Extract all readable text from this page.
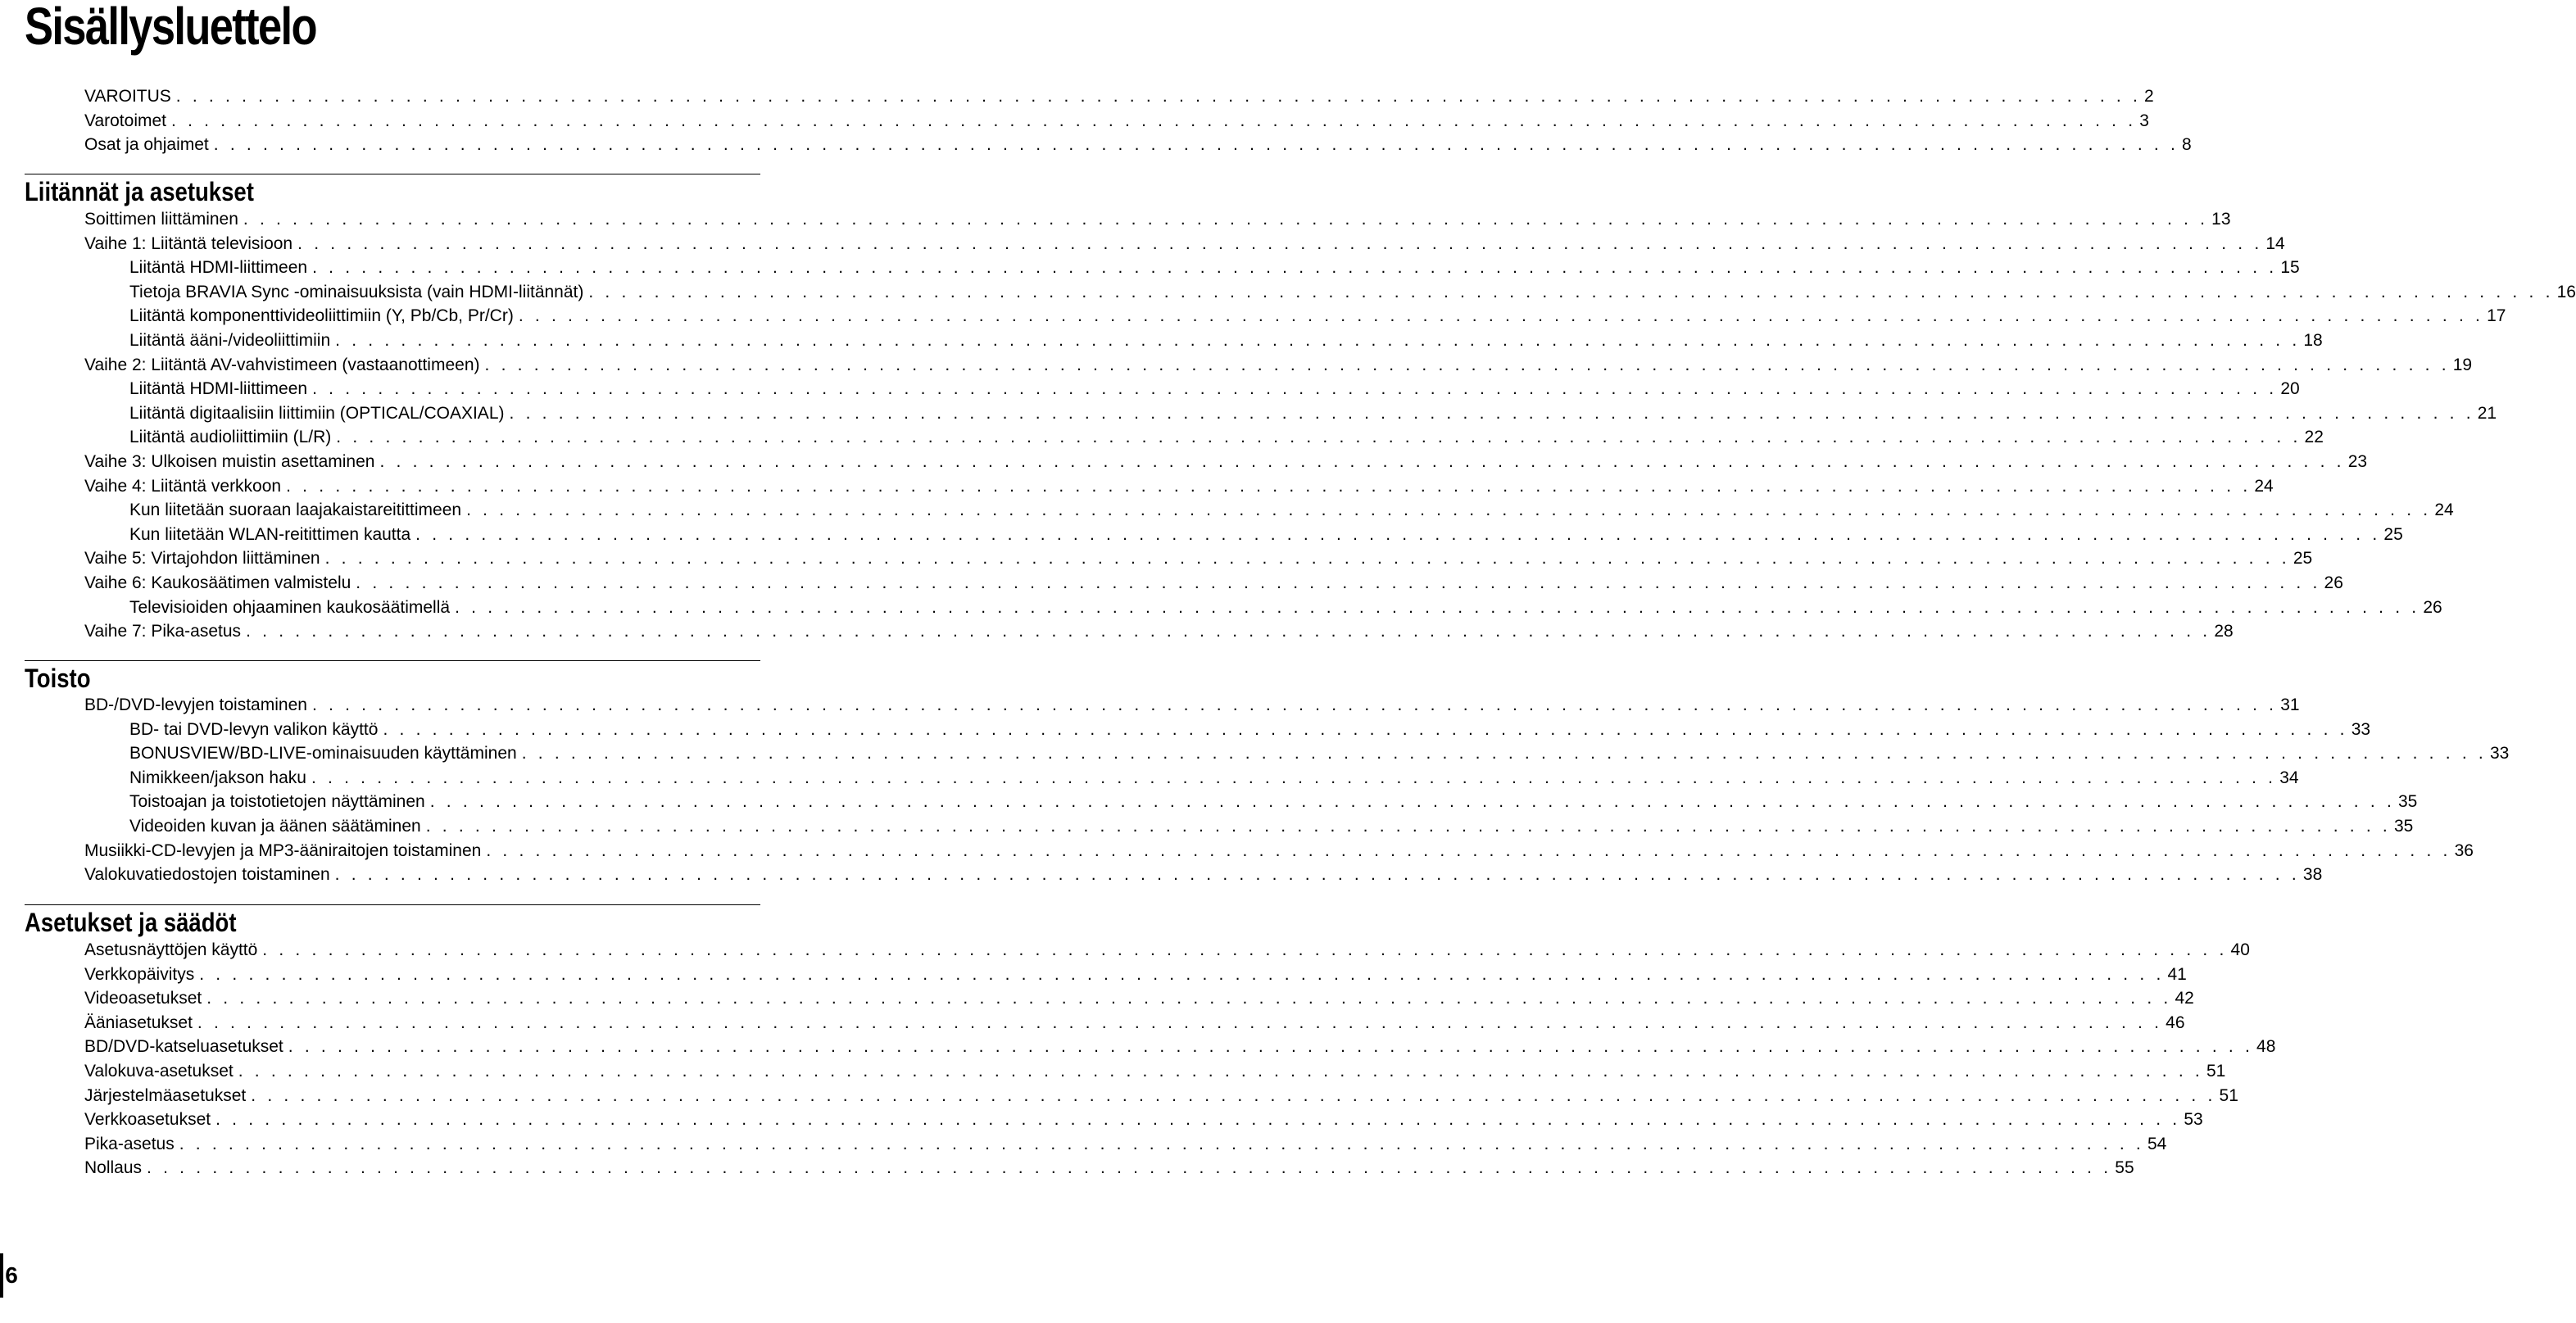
Sisällysluettelo
VAROITUS . . . . . . . . . . . . . . . . . . . . . . . . . . . . . . . . . . . . . . . . . . . . . . . . . . . . . . . . . . . . . . . . . . . . . . . . . . . . . . . . . . . . . . . . . . . . . . . . . . . . . . . . . . . . . . . . . . . . . . . . 2
Varotoimet . . . . . . . . . . . . . . . . . . . . . . . . . . . . . . . . . . . . . . . . . . . . . . . . . . . . . . . . . . . . . . . . . . . . . . . . . . . . . . . . . . . . . . . . . . . . . . . . . . . . . . . . . . . . . . . . . . . . . . . . 3
Osat ja ohjaimet . . . . . . . . . . . . . . . . . . . . . . . . . . . . . . . . . . . . . . . . . . . . . . . . . . . . . . . . . . . . . . . . . . . . . . . . . . . . . . . . . . . . . . . . . . . . . . . . . . . . . . . . . . . . . . . . . . . . . . . . 8
Liitännät ja asetukset
Soittimen liittäminen . . . . . . . . . . . . . . . . . . . . . . . . . . . . . . . . . . . . . . . . . . . . . . . . . . . . . . . . . . . . . . . . . . . . . . . . . . . . . . . . . . . . . . . . . . . . . . . . . . . . . . . . . . . . . . . . . . . . . . . . 13
Vaihe 1: Liitäntä televisioon . . . . . . . . . . . . . . . . . . . . . . . . . . . . . . . . . . . . . . . . . . . . . . . . . . . . . . . . . . . . . . . . . . . . . . . . . . . . . . . . . . . . . . . . . . . . . . . . . . . . . . . . . . . . . . . . . . . . . . . . 14
Liitäntä HDMI-liittimeen . . . . . . . . . . . . . . . . . . . . . . . . . . . . . . . . . . . . . . . . . . . . . . . . . . . . . . . . . . . . . . . . . . . . . . . . . . . . . . . . . . . . . . . . . . . . . . . . . . . . . . . . . . . . . . . . . . . . . . . . 15
Tietoja BRAVIA Sync -ominaisuuksista (vain HDMI-liitännät) . . . . . . . . . . . . . . . . . . . . . . . . . . . . . . . . . . . . . . . . . . . . . . . . . . . . . . . . . . . . . . . . . . . . . . . . . . . . . . . . . . . . . . . . . . . . . . . . . . . . . . . . . . . . . . . . . . . . . . . . 16
Liitäntä komponenttivideoliittimiin (Y, Pb/Cb, Pr/Cr) . . . . . . . . . . . . . . . . . . . . . . . . . . . . . . . . . . . . . . . . . . . . . . . . . . . . . . . . . . . . . . . . . . . . . . . . . . . . . . . . . . . . . . . . . . . . . . . . . . . . . . . . . . . . . . . . . . . . . . . . 17
Liitäntä ääni-/videoliittimiin . . . . . . . . . . . . . . . . . . . . . . . . . . . . . . . . . . . . . . . . . . . . . . . . . . . . . . . . . . . . . . . . . . . . . . . . . . . . . . . . . . . . . . . . . . . . . . . . . . . . . . . . . . . . . . . . . . . . . . . . 18
Vaihe 2: Liitäntä AV-vahvistimeen (vastaanottimeen) . . . . . . . . . . . . . . . . . . . . . . . . . . . . . . . . . . . . . . . . . . . . . . . . . . . . . . . . . . . . . . . . . . . . . . . . . . . . . . . . . . . . . . . . . . . . . . . . . . . . . . . . . . . . . . . . . . . . . . . . 19
Liitäntä HDMI-liittimeen . . . . . . . . . . . . . . . . . . . . . . . . . . . . . . . . . . . . . . . . . . . . . . . . . . . . . . . . . . . . . . . . . . . . . . . . . . . . . . . . . . . . . . . . . . . . . . . . . . . . . . . . . . . . . . . . . . . . . . . . 20
Liitäntä digitaalisiin liittimiin (OPTICAL/COAXIAL) . . . . . . . . . . . . . . . . . . . . . . . . . . . . . . . . . . . . . . . . . . . . . . . . . . . . . . . . . . . . . . . . . . . . . . . . . . . . . . . . . . . . . . . . . . . . . . . . . . . . . . . . . . . . . . . . . . . . . . . . 21
Liitäntä audioliittimiin (L/R) . . . . . . . . . . . . . . . . . . . . . . . . . . . . . . . . . . . . . . . . . . . . . . . . . . . . . . . . . . . . . . . . . . . . . . . . . . . . . . . . . . . . . . . . . . . . . . . . . . . . . . . . . . . . . . . . . . . . . . . . 22
Vaihe 3: Ulkoisen muistin asettaminen . . . . . . . . . . . . . . . . . . . . . . . . . . . . . . . . . . . . . . . . . . . . . . . . . . . . . . . . . . . . . . . . . . . . . . . . . . . . . . . . . . . . . . . . . . . . . . . . . . . . . . . . . . . . . . . . . . . . . . . . 23
Vaihe 4: Liitäntä verkkoon . . . . . . . . . . . . . . . . . . . . . . . . . . . . . . . . . . . . . . . . . . . . . . . . . . . . . . . . . . . . . . . . . . . . . . . . . . . . . . . . . . . . . . . . . . . . . . . . . . . . . . . . . . . . . . . . . . . . . . . . 24
Kun liitetään suoraan laajakaistareitittimeen . . . . . . . . . . . . . . . . . . . . . . . . . . . . . . . . . . . . . . . . . . . . . . . . . . . . . . . . . . . . . . . . . . . . . . . . . . . . . . . . . . . . . . . . . . . . . . . . . . . . . . . . . . . . . . . . . . . . . . . . 24
Kun liitetään WLAN-reitittimen kautta . . . . . . . . . . . . . . . . . . . . . . . . . . . . . . . . . . . . . . . . . . . . . . . . . . . . . . . . . . . . . . . . . . . . . . . . . . . . . . . . . . . . . . . . . . . . . . . . . . . . . . . . . . . . . . . . . . . . . . . . 25
Vaihe 5: Virtajohdon liittäminen . . . . . . . . . . . . . . . . . . . . . . . . . . . . . . . . . . . . . . . . . . . . . . . . . . . . . . . . . . . . . . . . . . . . . . . . . . . . . . . . . . . . . . . . . . . . . . . . . . . . . . . . . . . . . . . . . . . . . . . . 25
Vaihe 6: Kaukosäätimen valmistelu . . . . . . . . . . . . . . . . . . . . . . . . . . . . . . . . . . . . . . . . . . . . . . . . . . . . . . . . . . . . . . . . . . . . . . . . . . . . . . . . . . . . . . . . . . . . . . . . . . . . . . . . . . . . . . . . . . . . . . . . 26
Televisioiden ohjaaminen kaukosäätimellä . . . . . . . . . . . . . . . . . . . . . . . . . . . . . . . . . . . . . . . . . . . . . . . . . . . . . . . . . . . . . . . . . . . . . . . . . . . . . . . . . . . . . . . . . . . . . . . . . . . . . . . . . . . . . . . . . . . . . . . . 26
Vaihe 7: Pika-asetus . . . . . . . . . . . . . . . . . . . . . . . . . . . . . . . . . . . . . . . . . . . . . . . . . . . . . . . . . . . . . . . . . . . . . . . . . . . . . . . . . . . . . . . . . . . . . . . . . . . . . . . . . . . . . . . . . . . . . . . . 28
Toisto
BD-/DVD-levyjen toistaminen . . . . . . . . . . . . . . . . . . . . . . . . . . . . . . . . . . . . . . . . . . . . . . . . . . . . . . . . . . . . . . . . . . . . . . . . . . . . . . . . . . . . . . . . . . . . . . . . . . . . . . . . . . . . . . . . . . . . . . . . 31
BD- tai DVD-levyn valikon käyttö . . . . . . . . . . . . . . . . . . . . . . . . . . . . . . . . . . . . . . . . . . . . . . . . . . . . . . . . . . . . . . . . . . . . . . . . . . . . . . . . . . . . . . . . . . . . . . . . . . . . . . . . . . . . . . . . . . . . . . . . 33
BONUSVIEW/BD-LIVE-ominaisuuden käyttäminen . . . . . . . . . . . . . . . . . . . . . . . . . . . . . . . . . . . . . . . . . . . . . . . . . . . . . . . . . . . . . . . . . . . . . . . . . . . . . . . . . . . . . . . . . . . . . . . . . . . . . . . . . . . . . . . . . . . . . . . . 33
Nimikkeen/jakson haku . . . . . . . . . . . . . . . . . . . . . . . . . . . . . . . . . . . . . . . . . . . . . . . . . . . . . . . . . . . . . . . . . . . . . . . . . . . . . . . . . . . . . . . . . . . . . . . . . . . . . . . . . . . . . . . . . . . . . . . . 34
Toistoajan ja toistotietojen näyttäminen . . . . . . . . . . . . . . . . . . . . . . . . . . . . . . . . . . . . . . . . . . . . . . . . . . . . . . . . . . . . . . . . . . . . . . . . . . . . . . . . . . . . . . . . . . . . . . . . . . . . . . . . . . . . . . . . . . . . . . . . 35
Videoiden kuvan ja äänen säätäminen . . . . . . . . . . . . . . . . . . . . . . . . . . . . . . . . . . . . . . . . . . . . . . . . . . . . . . . . . . . . . . . . . . . . . . . . . . . . . . . . . . . . . . . . . . . . . . . . . . . . . . . . . . . . . . . . . . . . . . . . 35
Musiikki-CD-levyjen ja MP3-ääniraitojen toistaminen . . . . . . . . . . . . . . . . . . . . . . . . . . . . . . . . . . . . . . . . . . . . . . . . . . . . . . . . . . . . . . . . . . . . . . . . . . . . . . . . . . . . . . . . . . . . . . . . . . . . . . . . . . . . . . . . . . . . . . . . 36
Valokuvatiedostojen toistaminen . . . . . . . . . . . . . . . . . . . . . . . . . . . . . . . . . . . . . . . . . . . . . . . . . . . . . . . . . . . . . . . . . . . . . . . . . . . . . . . . . . . . . . . . . . . . . . . . . . . . . . . . . . . . . . . . . . . . . . . . 38
Asetukset ja säädöt
Asetusnäyttöjen käyttö . . . . . . . . . . . . . . . . . . . . . . . . . . . . . . . . . . . . . . . . . . . . . . . . . . . . . . . . . . . . . . . . . . . . . . . . . . . . . . . . . . . . . . . . . . . . . . . . . . . . . . . . . . . . . . . . . . . . . . . . 40
Verkkopäivitys . . . . . . . . . . . . . . . . . . . . . . . . . . . . . . . . . . . . . . . . . . . . . . . . . . . . . . . . . . . . . . . . . . . . . . . . . . . . . . . . . . . . . . . . . . . . . . . . . . . . . . . . . . . . . . . . . . . . . . . . 41
Videoasetukset . . . . . . . . . . . . . . . . . . . . . . . . . . . . . . . . . . . . . . . . . . . . . . . . . . . . . . . . . . . . . . . . . . . . . . . . . . . . . . . . . . . . . . . . . . . . . . . . . . . . . . . . . . . . . . . . . . . . . . . . 42
Ääniasetukset . . . . . . . . . . . . . . . . . . . . . . . . . . . . . . . . . . . . . . . . . . . . . . . . . . . . . . . . . . . . . . . . . . . . . . . . . . . . . . . . . . . . . . . . . . . . . . . . . . . . . . . . . . . . . . . . . . . . . . . . 46
BD/DVD-katseluasetukset . . . . . . . . . . . . . . . . . . . . . . . . . . . . . . . . . . . . . . . . . . . . . . . . . . . . . . . . . . . . . . . . . . . . . . . . . . . . . . . . . . . . . . . . . . . . . . . . . . . . . . . . . . . . . . . . . . . . . . . . 48
Valokuva-asetukset . . . . . . . . . . . . . . . . . . . . . . . . . . . . . . . . . . . . . . . . . . . . . . . . . . . . . . . . . . . . . . . . . . . . . . . . . . . . . . . . . . . . . . . . . . . . . . . . . . . . . . . . . . . . . . . . . . . . . . . . 51
Järjestelmäasetukset . . . . . . . . . . . . . . . . . . . . . . . . . . . . . . . . . . . . . . . . . . . . . . . . . . . . . . . . . . . . . . . . . . . . . . . . . . . . . . . . . . . . . . . . . . . . . . . . . . . . . . . . . . . . . . . . . . . . . . . . 51
Verkkoasetukset . . . . . . . . . . . . . . . . . . . . . . . . . . . . . . . . . . . . . . . . . . . . . . . . . . . . . . . . . . . . . . . . . . . . . . . . . . . . . . . . . . . . . . . . . . . . . . . . . . . . . . . . . . . . . . . . . . . . . . . . 53
Pika-asetus . . . . . . . . . . . . . . . . . . . . . . . . . . . . . . . . . . . . . . . . . . . . . . . . . . . . . . . . . . . . . . . . . . . . . . . . . . . . . . . . . . . . . . . . . . . . . . . . . . . . . . . . . . . . . . . . . . . . . . . . 54
Nollaus . . . . . . . . . . . . . . . . . . . . . . . . . . . . . . . . . . . . . . . . . . . . . . . . . . . . . . . . . . . . . . . . . . . . . . . . . . . . . . . . . . . . . . . . . . . . . . . . . . . . . . . . . . . . . . . . . . . . . . . . 55
6
